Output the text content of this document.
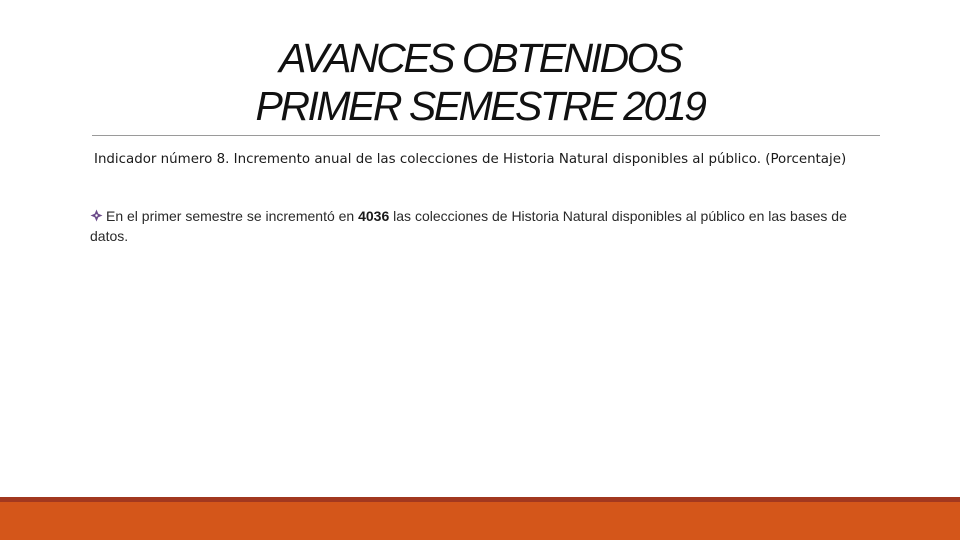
AVANCES OBTENIDOS
PRIMER SEMESTRE 2019
Indicador número 8. Incremento anual de las colecciones de Historia Natural disponibles al público. (Porcentaje)
En el primer semestre se incrementó en 4036 las colecciones de Historia Natural disponibles al público en las bases de datos.
